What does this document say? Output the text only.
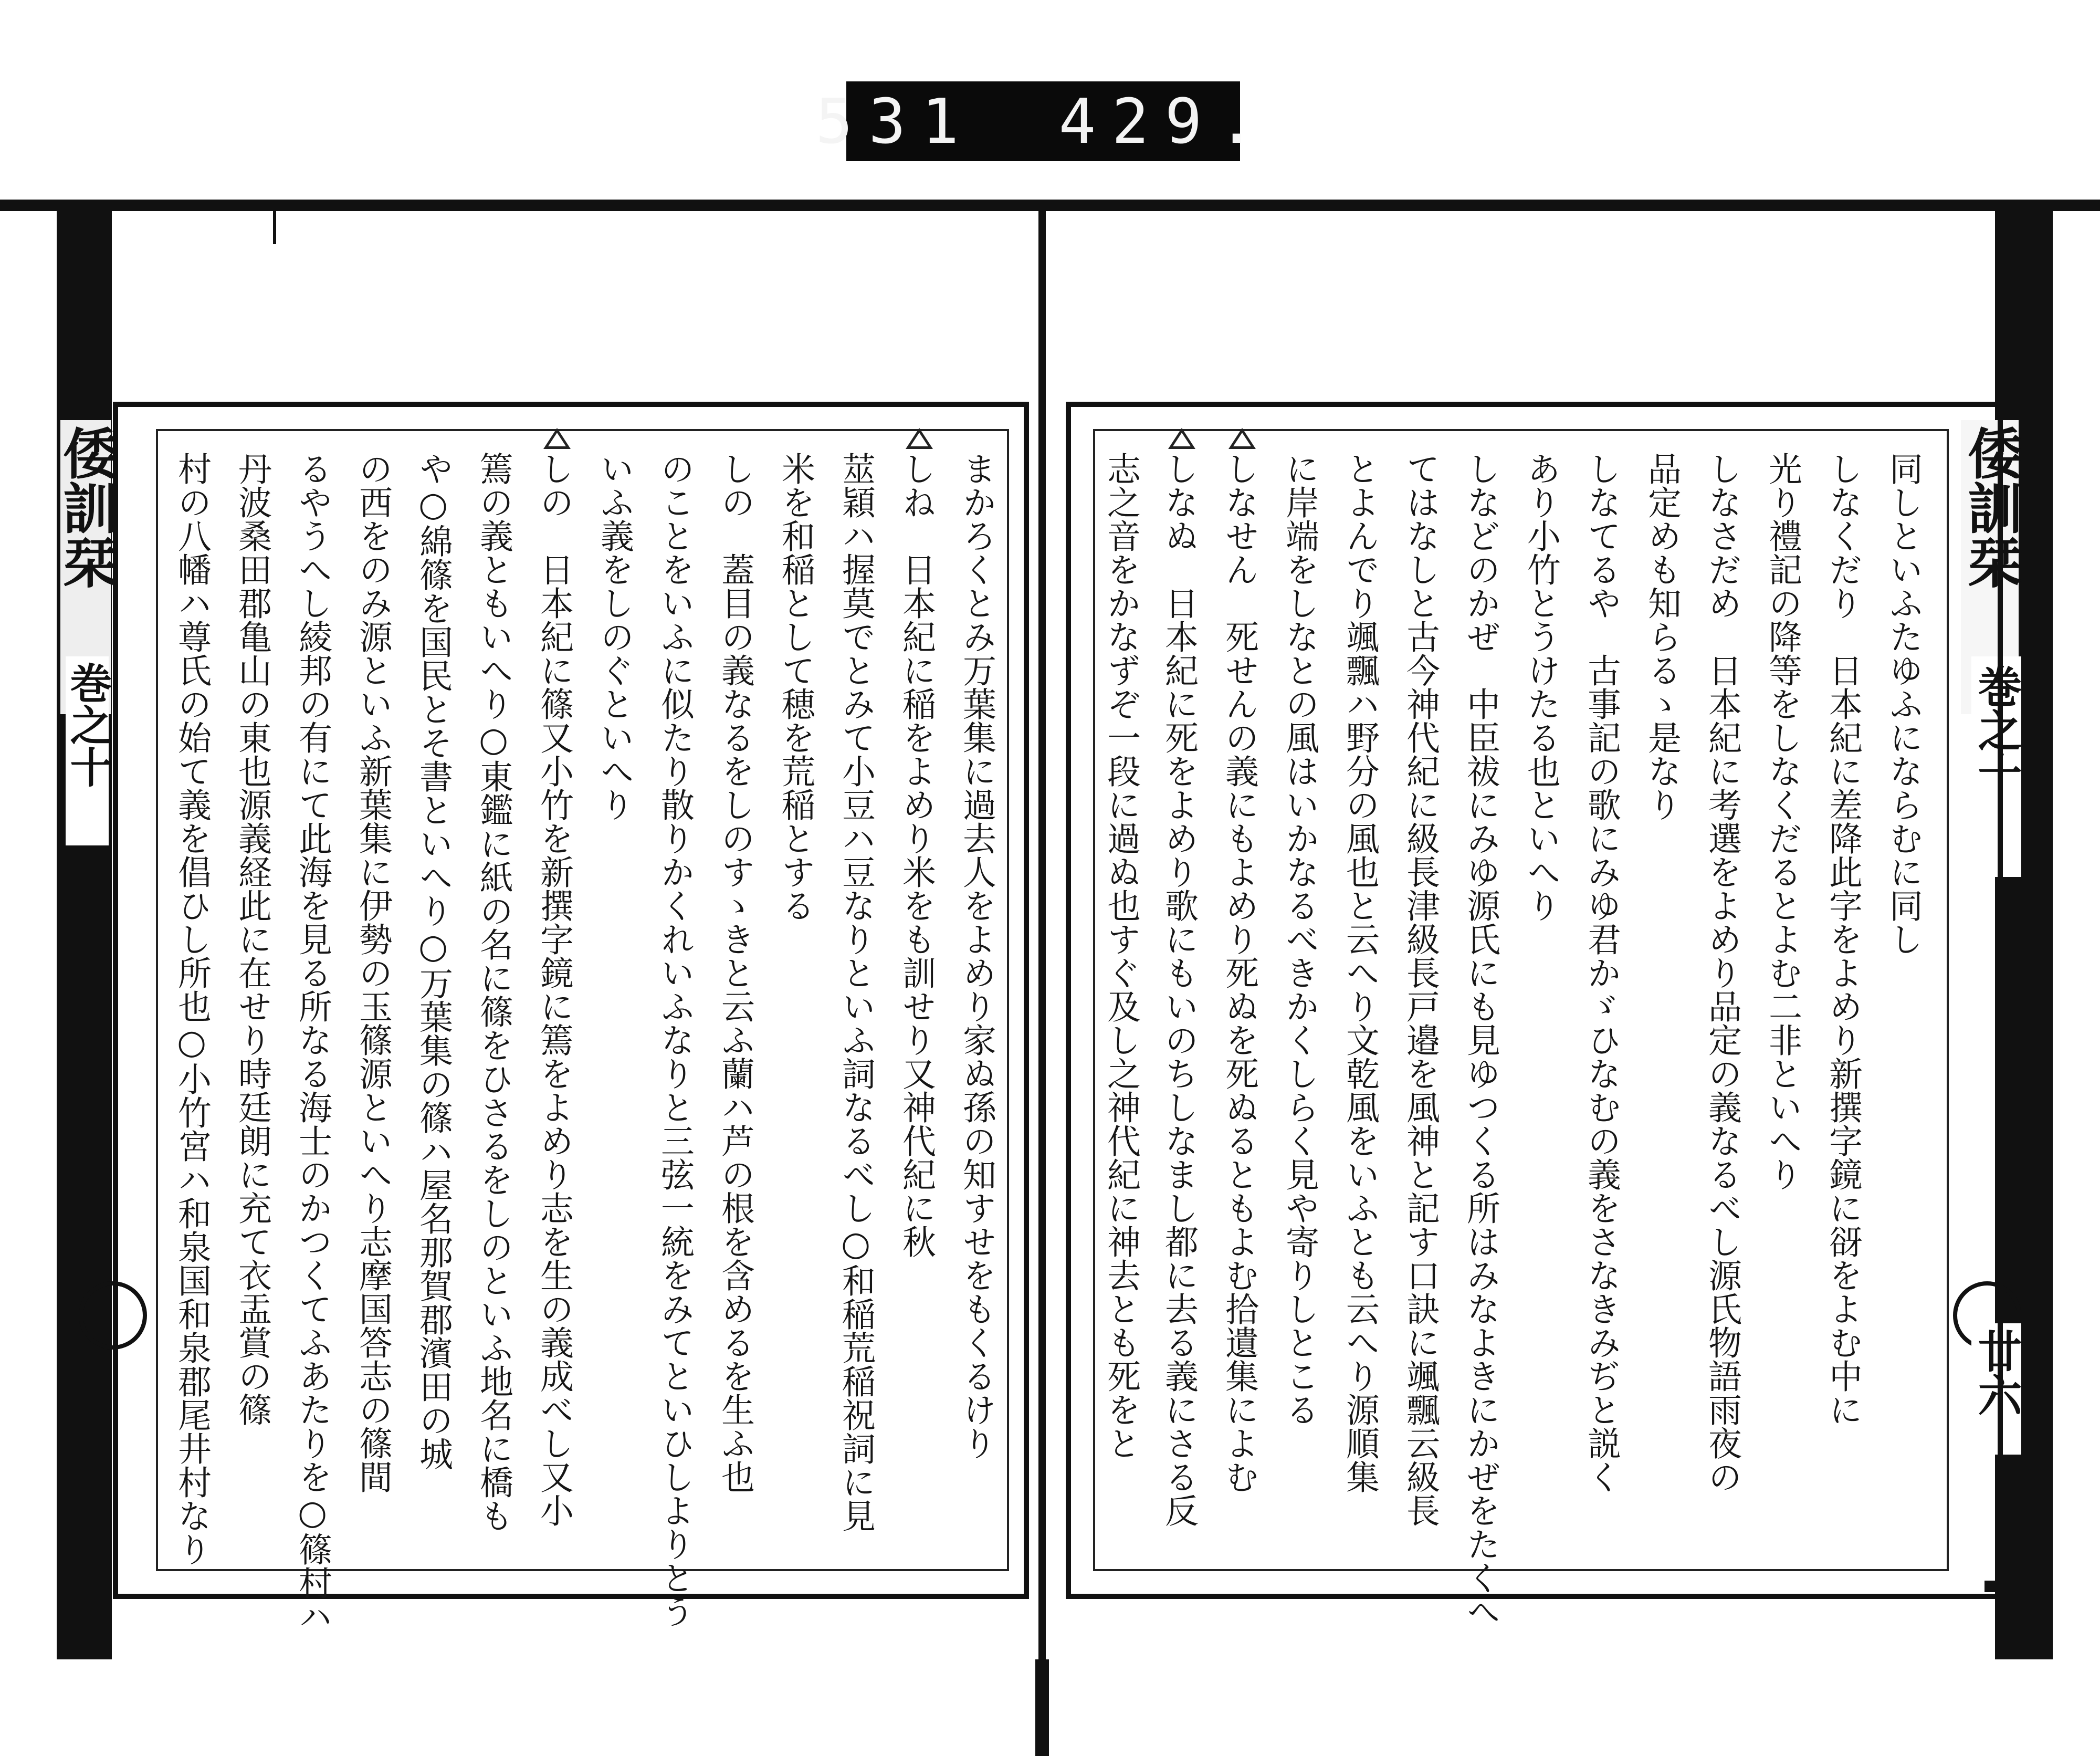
531 429.
倭訓栞
巻之十
倭訓栞
巻之十
廿六
同しといふたゆふにならむに同し
しなくだり　日本紀に差降此字をよめり新撰字鏡に谺をよむ中に
光り禮記の降等をしなくだるとよむ二非といへり
しなさだめ　日本紀に考選をよめり品定の義なるべし源氏物語雨夜の
品定めも知らるゝ是なり
しなてるや　古事記の歌にみゆ君かゞひなむの義をさなきみぢと説く
あり小竹とうけたる也といへり
しなどのかぜ　中臣祓にみゆ源氏にも見ゆつくる所はみなよきにかぜをたくへ
てはなしと古今神代紀に級長津級長戸邉を風神と記す口訣に颯飄云級長
とよんでり颯飄ハ野分の風也と云へり文乾風をいふとも云へり源順集
に岸端をしなとの風はいかなるべきかくしらく見や寄りしとこる
しなせん　死せんの義にもよめり死ぬを死ぬるともよむ拾遺集によむ
しなぬ　日本紀に死をよめり歌にもいのちしなまし都に去る義にさる反
志之音をかなずぞ一段に過ぬ也すぐ及し之神代紀に神去とも死をと
まかろくとみ万葉集に過去人をよめり家ぬ孫の知すせをもくるけり
しね　日本紀に稲をよめり米をも訓せり又神代紀に秋
莁穎ハ握莫でとみて小豆ハ豆なりといふ詞なるべし○和稲荒稲祝詞に見
米を和稲として穂を荒稲とする
しの　蓋目の義なるをしのすゝきと云ふ蘭ハ芦の根を含めるを生ふ也
のことをいふに似たり散りかくれいふなりと三弦一統をみてといひしよりとう
いふ義をしのぐといへり
しの　日本紀に篠又小竹を新撰字鏡に篶をよめり志を生の義成べし又小
篶の義ともいへり○東鑑に紙の名に篠をひさるをしのといふ地名に橋も
や○綿篠を国民とそ書といへり○万葉集の篠ハ屋名那賀郡濱田の城
の西をのみ源といふ新葉集に伊勢の玉篠源といへり志摩国答志の篠間
るやうへし綾邦の有にて此海を見る所なる海士のかつくてふあたりを○篠村ハ
丹波桑田郡亀山の東也源義経此に在せり時廷朗に充て衣盂賞の篠
村の八幡ハ尊氏の始て義を倡ひし所也○小竹宮ハ和泉国和泉郡尾井村なり
